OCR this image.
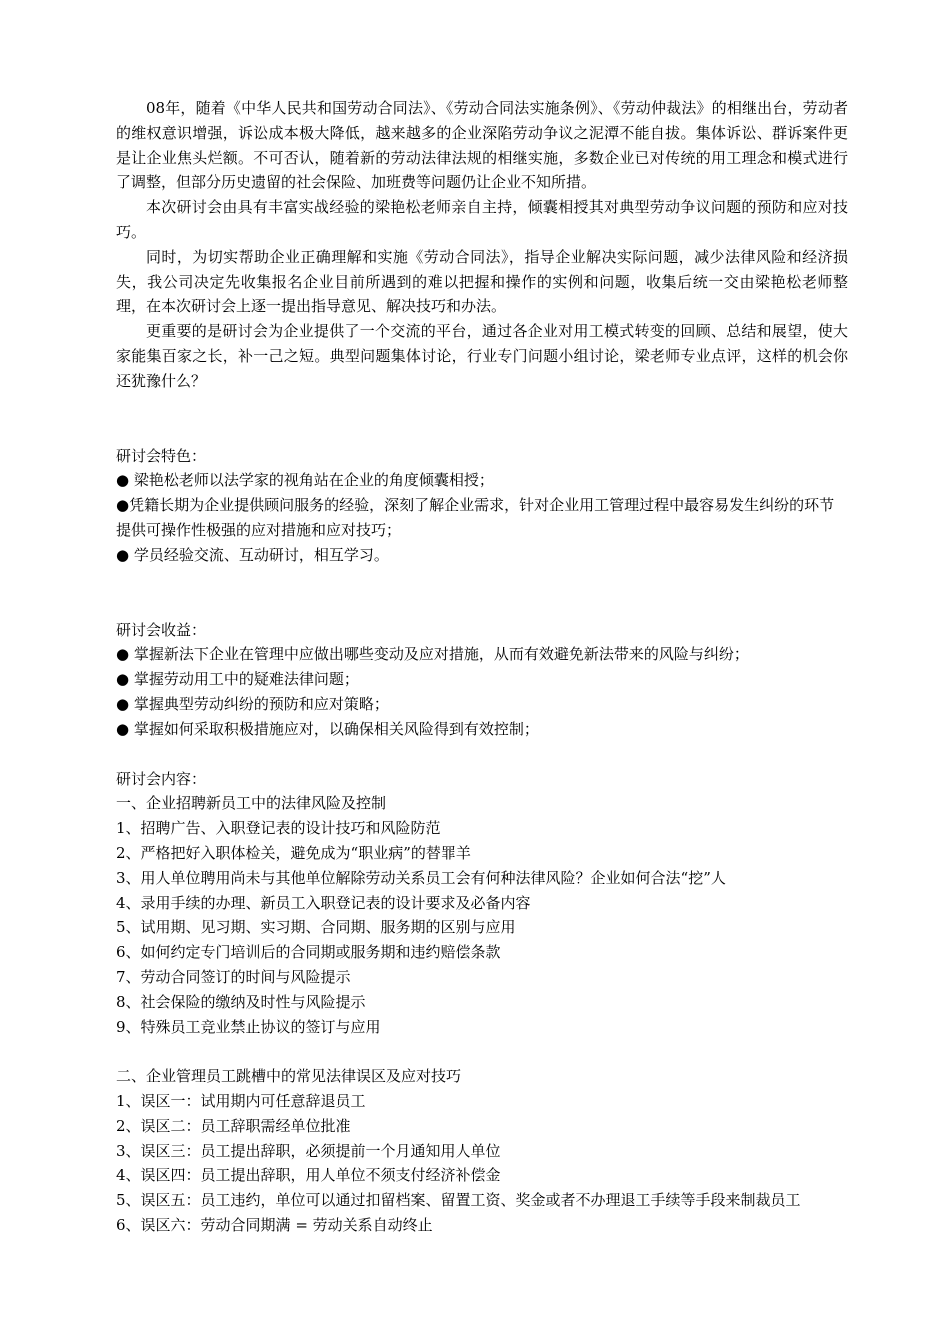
08年，随着《中华人民共和国劳动合同法》、《劳动合同法实施条例》、《劳动仲裁法》的相继出台，劳动者的维权意识增强，诉讼成本极大降低，越来越多的企业深陷劳动争议之泥潭不能自拔。集体诉讼、群诉案件更是让企业焦头烂额。不可否认，随着新的劳动法律法规的相继实施，多数企业已对传统的用工理念和模式进行了调整，但部分历史遗留的社会保险、加班费等问题仍让企业不知所措。

本次研讨会由具有丰富实战经验的梁艳松老师亲自主持，倾囊相授其对典型劳动争议问题的预防和应对技巧。

同时，为切实帮助企业正确理解和实施《劳动合同法》，指导企业解决实际问题，减少法律风险和经济损失，我公司决定先收集报名企业目前所遇到的难以把握和操作的实例和问题，收集后统一交由梁艳松老师整理，在本次研讨会上逐一提出指导意见、解决技巧和办法。

更重要的是研讨会为企业提供了一个交流的平台，通过各企业对用工模式转变的回顾、总结和展望，使大家能集百家之长，补一己之短。典型问题集体讨论，行业专门问题小组讨论，梁老师专业点评，这样的机会你还犹豫什么？

研讨会特色：

● 梁艳松老师以法学家的视角站在企业的角度倾囊相授；

●凭籍长期为企业提供顾问服务的经验，深刻了解企业需求，针对企业用工管理过程中最容易发生纠纷的环节提供可操作性极强的应对措施和应对技巧；

● 学员经验交流、互动研讨，相互学习。

研讨会收益：

● 掌握新法下企业在管理中应做出哪些变动及应对措施，从而有效避免新法带来的风险与纠纷；

● 掌握劳动用工中的疑难法律问题；

● 掌握典型劳动纠纷的预防和应对策略；

● 掌握如何采取积极措施应对，以确保相关风险得到有效控制；

研讨会内容：

一、企业招聘新员工中的法律风险及控制

1、招聘广告、入职登记表的设计技巧和风险防范

2、严格把好入职体检关，避免成为“职业病”的替罪羊

3、用人单位聘用尚未与其他单位解除劳动关系员工会有何种法律风险？企业如何合法“挖”人

4、录用手续的办理、新员工入职登记表的设计要求及必备内容

5、试用期、见习期、实习期、合同期、服务期的区别与应用

6、如何约定专门培训后的合同期或服务期和违约赔偿条款

7、劳动合同签订的时间与风险提示

8、社会保险的缴纳及时性与风险提示

9、特殊员工竞业禁止协议的签订与应用

二、企业管理员工跳槽中的常见法律误区及应对技巧

1、误区一：试用期内可任意辞退员工

2、误区二：员工辞职需经单位批准

3、误区三：员工提出辞职，必须提前一个月通知用人单位

4、误区四：员工提出辞职，用人单位不须支付经济补偿金

5、误区五：员工违约，单位可以通过扣留档案、留置工资、奖金或者不办理退工手续等手段来制裁员工

6、误区六：劳动合同期满 = 劳动关系自动终止
